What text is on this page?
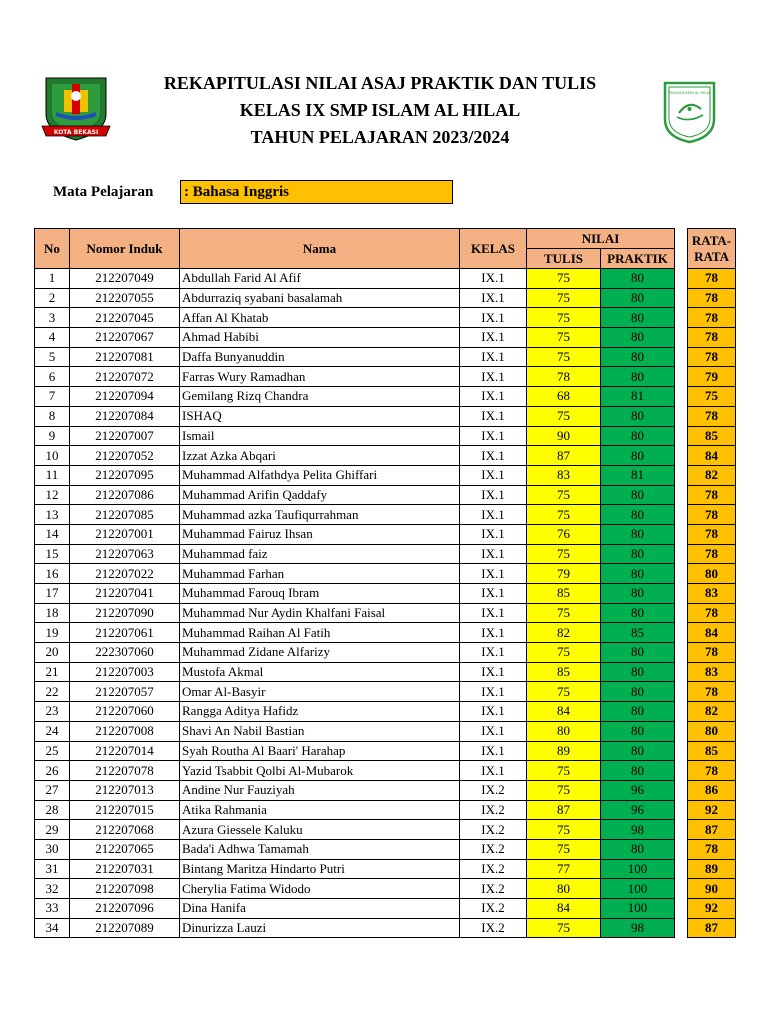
KOTA BEKASI
YAYASAN BENI AL HILAL
REKAPITULASI NILAI ASAJ PRAKTIK DAN TULIS
KELAS IX SMP ISLAM AL HILAL
TAHUN PELAJARAN 2023/2024
Mata Pelajaran : Bahasa Inggris
No	Nomor Induk	Nama	KELAS	NILAI			RATA-RATA
				TULIS	PRAKTIK		
1	212207049	Abdullah Farid Al Afif	IX.1	75	80		78
2	212207055	Abdurraziq syabani basalamah	IX.1	75	80		78
3	212207045	Affan Al Khatab	IX.1	75	80		78
4	212207067	Ahmad Habibi	IX.1	75	80		78
5	212207081	Daffa Bunyanuddin	IX.1	75	80		78
6	212207072	Farras Wury Ramadhan	IX.1	78	80		79
7	212207094	Gemilang Rizq Chandra	IX.1	68	81		75
8	212207084	ISHAQ	IX.1	75	80		78
9	212207007	Ismail	IX.1	90	80		85
10	212207052	Izzat Azka Abqari	IX.1	87	80		84
11	212207095	Muhammad Alfathdya Pelita Ghiffari	IX.1	83	81		82
12	212207086	Muhammad Arifin Qaddafy	IX.1	75	80		78
13	212207085	Muhammad azka Taufiqurrahman	IX.1	75	80		78
14	212207001	Muhammad Fairuz Ihsan	IX.1	76	80		78
15	212207063	Muhammad faiz	IX.1	75	80		78
16	212207022	Muhammad Farhan	IX.1	79	80		80
17	212207041	Muhammad Farouq Ibram	IX.1	85	80		83
18	212207090	Muhammad Nur Aydin Khalfani Faisal	IX.1	75	80		78
19	212207061	Muhammad Raihan Al Fatih	IX.1	82	85		84
20	222307060	Muhammad Zidane Alfarizy	IX.1	75	80		78
21	212207003	Mustofa Akmal	IX.1	85	80		83
22	212207057	Omar Al-Basyir	IX.1	75	80		78
23	212207060	Rangga Aditya Hafidz	IX.1	84	80		82
24	212207008	Shavi An Nabil Bastian	IX.1	80	80		80
25	212207014	Syah Routha Al Baari' Harahap	IX.1	89	80		85
26	212207078	Yazid Tsabbit Qolbi Al-Mubarok	IX.1	75	80		78
27	212207013	Andine Nur Fauziyah	IX.2	75	96		86
28	212207015	Atika Rahmania	IX.2	87	96		92
29	212207068	Azura Giessele Kaluku	IX.2	75	98		87
30	212207065	Bada'i Adhwa Tamamah	IX.2	75	80		78
31	212207031	Bintang Maritza Hindarto Putri	IX.2	77	100		89
32	212207098	Cherylia Fatima Widodo	IX.2	80	100		90
33	212207096	Dina Hanifa	IX.2	84	100		92
34	212207089	Dinurizza Lauzi	IX.2	75	98		87
